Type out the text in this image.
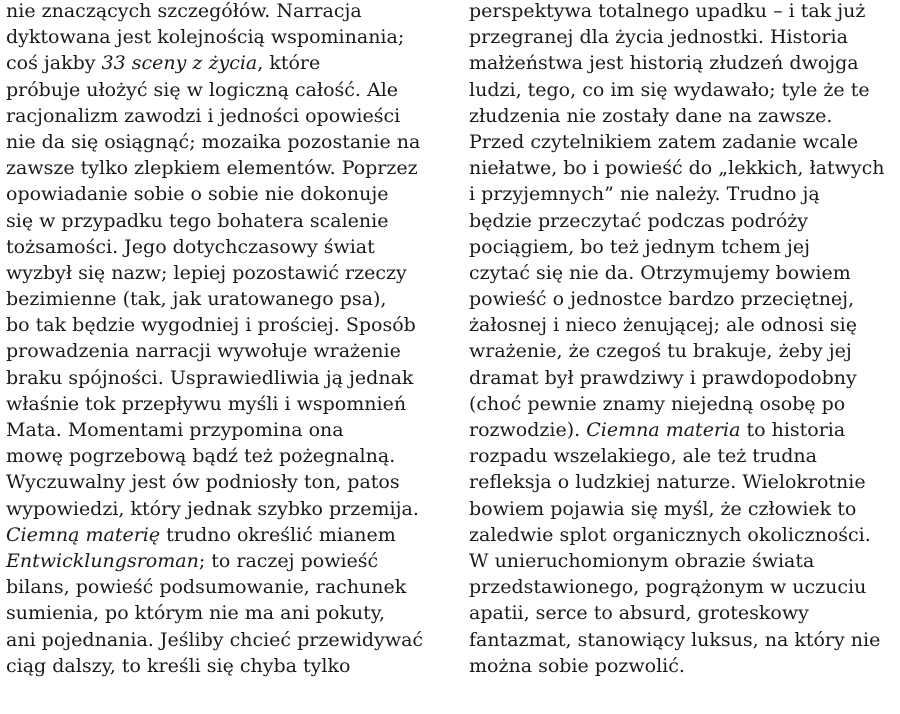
nie znaczących szczegółów. Narracja
dyktowana jest kolejnością wspominania;
coś jakby 33 sceny z życia, które
próbuje ułożyć się w logiczną całość. Ale
racjonalizm zawodzi i jedności opowieści
nie da się osiągnąć; mozaika pozostanie na
zawsze tylko zlepkiem elementów. Poprzez
opowiadanie sobie o sobie nie dokonuje
się w przypadku tego bohatera scalenie
tożsamości. Jego dotychczasowy świat
wyzbył się nazw; lepiej pozostawić rzeczy
bezimienne (tak, jak uratowanego psa),
bo tak będzie wygodniej i prościej. Sposób
prowadzenia narracji wywołuje wrażenie
braku spójności. Usprawiedliwia ją jednak
właśnie tok przepływu myśli i wspomnień
Mata. Momentami przypomina ona
mowę pogrzebową bądź też pożegnalną.
Wyczuwalny jest ów podniosły ton, patos
wypowiedzi, który jednak szybko przemija.
Ciemną materię trudno określić mianem
Entwicklungsroman; to raczej powieść
bilans, powieść podsumowanie, rachunek
sumienia, po którym nie ma ani pokuty,
ani pojednania. Jeśliby chcieć przewidywać
ciąg dalszy, to kreśli się chyba tylko
perspektywa totalnego upadku – i tak już
przegranej dla życia jednostki. Historia
małżeństwa jest historią złudzeń dwojga
ludzi, tego, co im się wydawało; tyle że te
złudzenia nie zostały dane na zawsze.
Przed czytelnikiem zatem zadanie wcale
niełatwe, bo i powieść do „lekkich, łatwych
i przyjemnych” nie należy. Trudno ją
będzie przeczytać podczas podróży
pociągiem, bo też jednym tchem jej
czytać się nie da. Otrzymujemy bowiem
powieść o jednostce bardzo przeciętnej,
żałosnej i nieco żenującej; ale odnosi się
wrażenie, że czegoś tu brakuje, żeby jej
dramat był prawdziwy i prawdopodobny
(choć pewnie znamy niejedną osobę po
rozwodzie). Ciemna materia to historia
rozpadu wszelakiego, ale też trudna
refleksja o ludzkiej naturze. Wielokrotnie
bowiem pojawia się myśl, że człowiek to
zaledwie splot organicznych okoliczności.
W unieruchomionym obrazie świata
przedstawionego, pogrążonym w uczuciu
apatii, serce to absurd, groteskowy
fantazmat, stanowiący luksus, na który nie
można sobie pozwolić.
